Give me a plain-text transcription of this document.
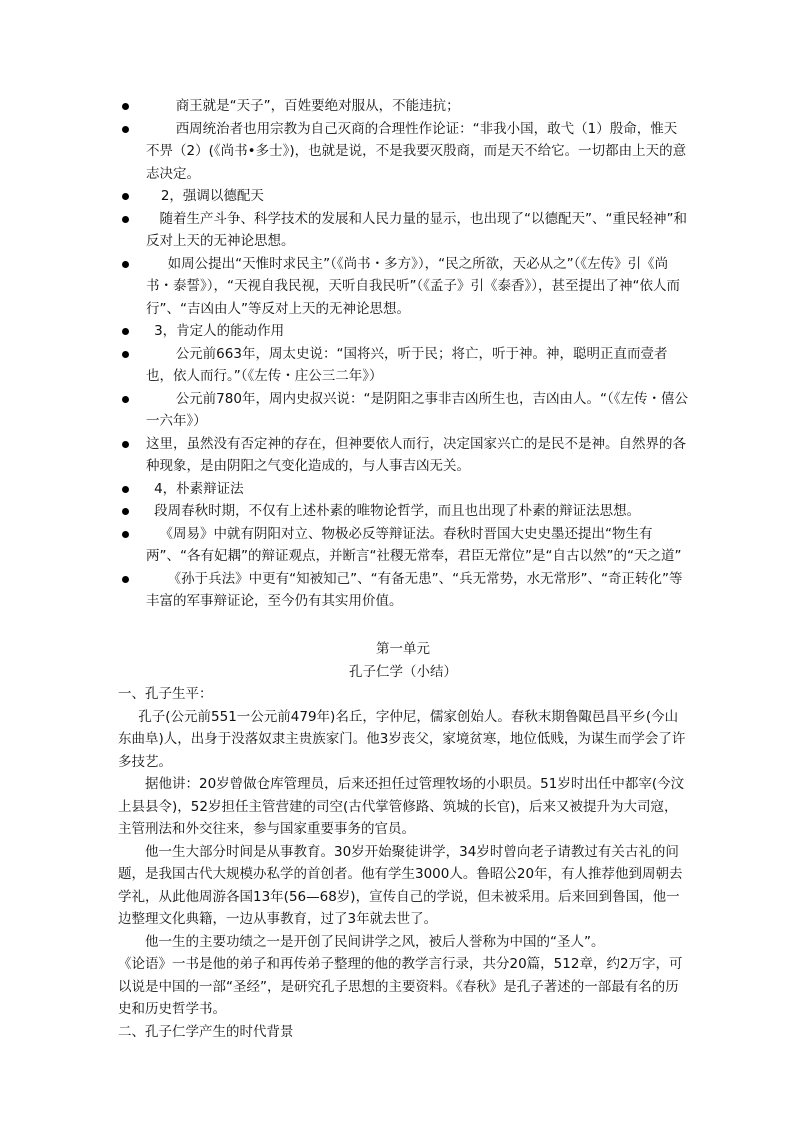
商王就是“天子”，百姓要绝对服从，不能违抗；
西周统治者也用宗教为自己灭商的合理性作论证：“非我小国，敢弋（1）殷命，惟天不畀（2）(《尚书•多士》)，也就是说，不是我要灭殷商，而是天不给它。一切都由上天的意志决定。
2，强调以德配天
随着生产斗争、科学技术的发展和人民力量的显示，也出现了“以德配天”、“重民轻神”和反对上天的无神论思想。
如周公提出“天惟时求民主”（《尚书・多方》），“民之所欲，天必从之”（《左传》引《尚书・泰誓》），“天视自我民视，天听自我民听”（《孟子》引《泰香》），甚至提出了神“依人而行”、“吉凶由人”等反对上天的无神论思想。
3，肯定人的能动作用
公元前663年，周太史说：“国将兴，听于民；将亡，听于神。神，聪明正直而壹者也，依人而行。”（《左传・庄公三二年》）
公元前780年，周内史叔兴说：“是阴阳之事非吉凶所生也，吉凶由人。“（《左传・僖公一六年》）
这里，虽然没有否定神的存在，但神要依人而行，决定国家兴亡的是民不是神。自然界的各种现象，是由阴阳之气变化造成的，与人事吉凶无关。
4，朴素辩证法
段周春秋时期，不仅有上述朴素的唯物论哲学，而且也出现了朴素的辩证法思想。
《周易》中就有阴阳对立、物极必反等辩证法。春秋时晋国大史史墨还提出“物生有两”、“各有妃耦”的辩证观点，并断言“社稷无常奉，君臣无常位”是“自古以然”的“天之道”
《孙于兵法》中更有“知被知己”、“有备无患”、“兵无常势，水无常形”、“奇正转化”等丰富的军事辩证论，至今仍有其实用价值。
第一单元
孔子仁学（小结）
一、孔子生平：

孔子(公元前551一公元前479年)名丘，字仲尼，儒家创始人。春秋末期鲁陬邑昌平乡(今山东曲阜)人，出身于没落奴隶主贵族家门。他3岁丧父，家境贫寒，地位低贱，为谋生而学会了许多技艺。

据他讲：20岁曾做仓库管理员，后来还担任过管理牧场的小职员。51岁时出任中都宰(今汶上县县令)，52岁担任主管营建的司空(古代掌管修路、筑城的长官)，后来又被提升为大司寇，主管刑法和外交往来，参与国家重要事务的官员。

他一生大部分时间是从事教育。30岁开始聚徒讲学，34岁时曾向老子请教过有关古礼的问题，是我国古代大规模办私学的首创者。他有学生3000人。鲁昭公20年，有人推荐他到周朝去学礼，从此他周游各国13年(56—68岁)，宣传自己的学说，但未被采用。后来回到鲁国，他一边整理文化典籍，一边从事教育，过了3年就去世了。

他一生的主要功绩之一是开创了民间讲学之风，被后人誉称为中国的“圣人”。

《论语》一书是他的弟子和再传弟子整理的他的教学言行录，共分20篇，512章，约2万字，可以说是中国的一部“圣经”，是研究孔子思想的主要资料。《春秋》是孔子著述的一部最有名的历史和历史哲学书。

二、孔子仁学产生的时代背景
